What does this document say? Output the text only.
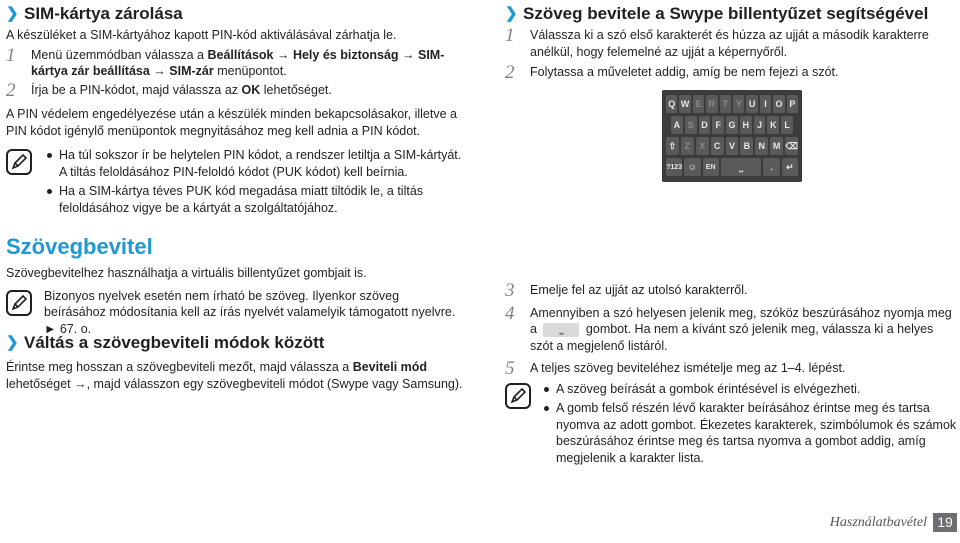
❯ SIM-kártya zárolása

A készüléket a SIM-kártyához kapott PIN-kód aktiválásával zárhatja le.

1 Menü üzemmódban válassza a Beállítások → Hely és biztonság → SIM-kártya zár beállítása → SIM-zár menüpontot.
2 Írja be a PIN-kódot, majd válassza az OK lehetőséget.

A PIN védelem engedélyezése után a készülék minden bekapcsolásakor, illetve a PIN kódot igénylő menüpontok megnyitásához meg kell adnia a PIN kódot.

Ha túl sokszor ír be helytelen PIN kódot, a rendszer letiltja a SIM-kártyát. A tiltás feloldásához PIN-feloldó kódot (PUK kódot) kell beírnia.
Ha a SIM-kártya téves PUK kód megadása miatt tiltódik le, a tiltás feloldásához vigye be a kártyát a szolgáltatójához.
Szövegbevitel

Szövegbevitelhez használhatja a virtuális billentyűzet gombjait is.

Bizonyos nyelvek esetén nem írható be szöveg. Ilyenkor szöveg beírásához módosítania kell az írás nyelvét valamelyik támogatott nyelvre. ► 67. o.

❯ Váltás a szövegbeviteli módok között

Érintse meg hosszan a szövegbeviteli mezőt, majd válassza a Beviteli mód lehetőséget →, majd válasszon egy szövegbeviteli módot (Swype vagy Samsung).

❯ Szöveg bevitele a Swype billentyűzet segítségével
1 Válassza ki a szó első karakterét és húzza az ujját a második karakterre anélkül, hogy felemelné az ujját a képernyőről.
2 Folytassa a műveletet addig, amíg be nem fejezi a szót.
3 Emelje fel az ujját az utolsó karakterről.
4 Amennyiben a szó helyesen jelenik meg, szóköz beszúrásához nyomja meg a ⎵ gombot. Ha nem a kívánt szó jelenik meg, válassza ki a helyes szót a megjelenő listáról.
5 A teljes szöveg beviteléhez ismételje meg az 1–4. lépést.
A szöveg beírását a gombok érintésével is elvégezheti.
A gomb felső részén lévő karakter beírásához érintse meg és tartsa nyomva az adott gombot. Ékezetes karakterek, szimbólumok és számok beszúrásához érintse meg és tartsa nyomva a gombot addig, amíg megjelenik a karakter lista.
Q W E R T Y U I O P
A S D F G H J K L
⇧ Z	X C V B N M ⌫
?123 ☺	EN	⎵	.	↵
Használatbavétel 19
